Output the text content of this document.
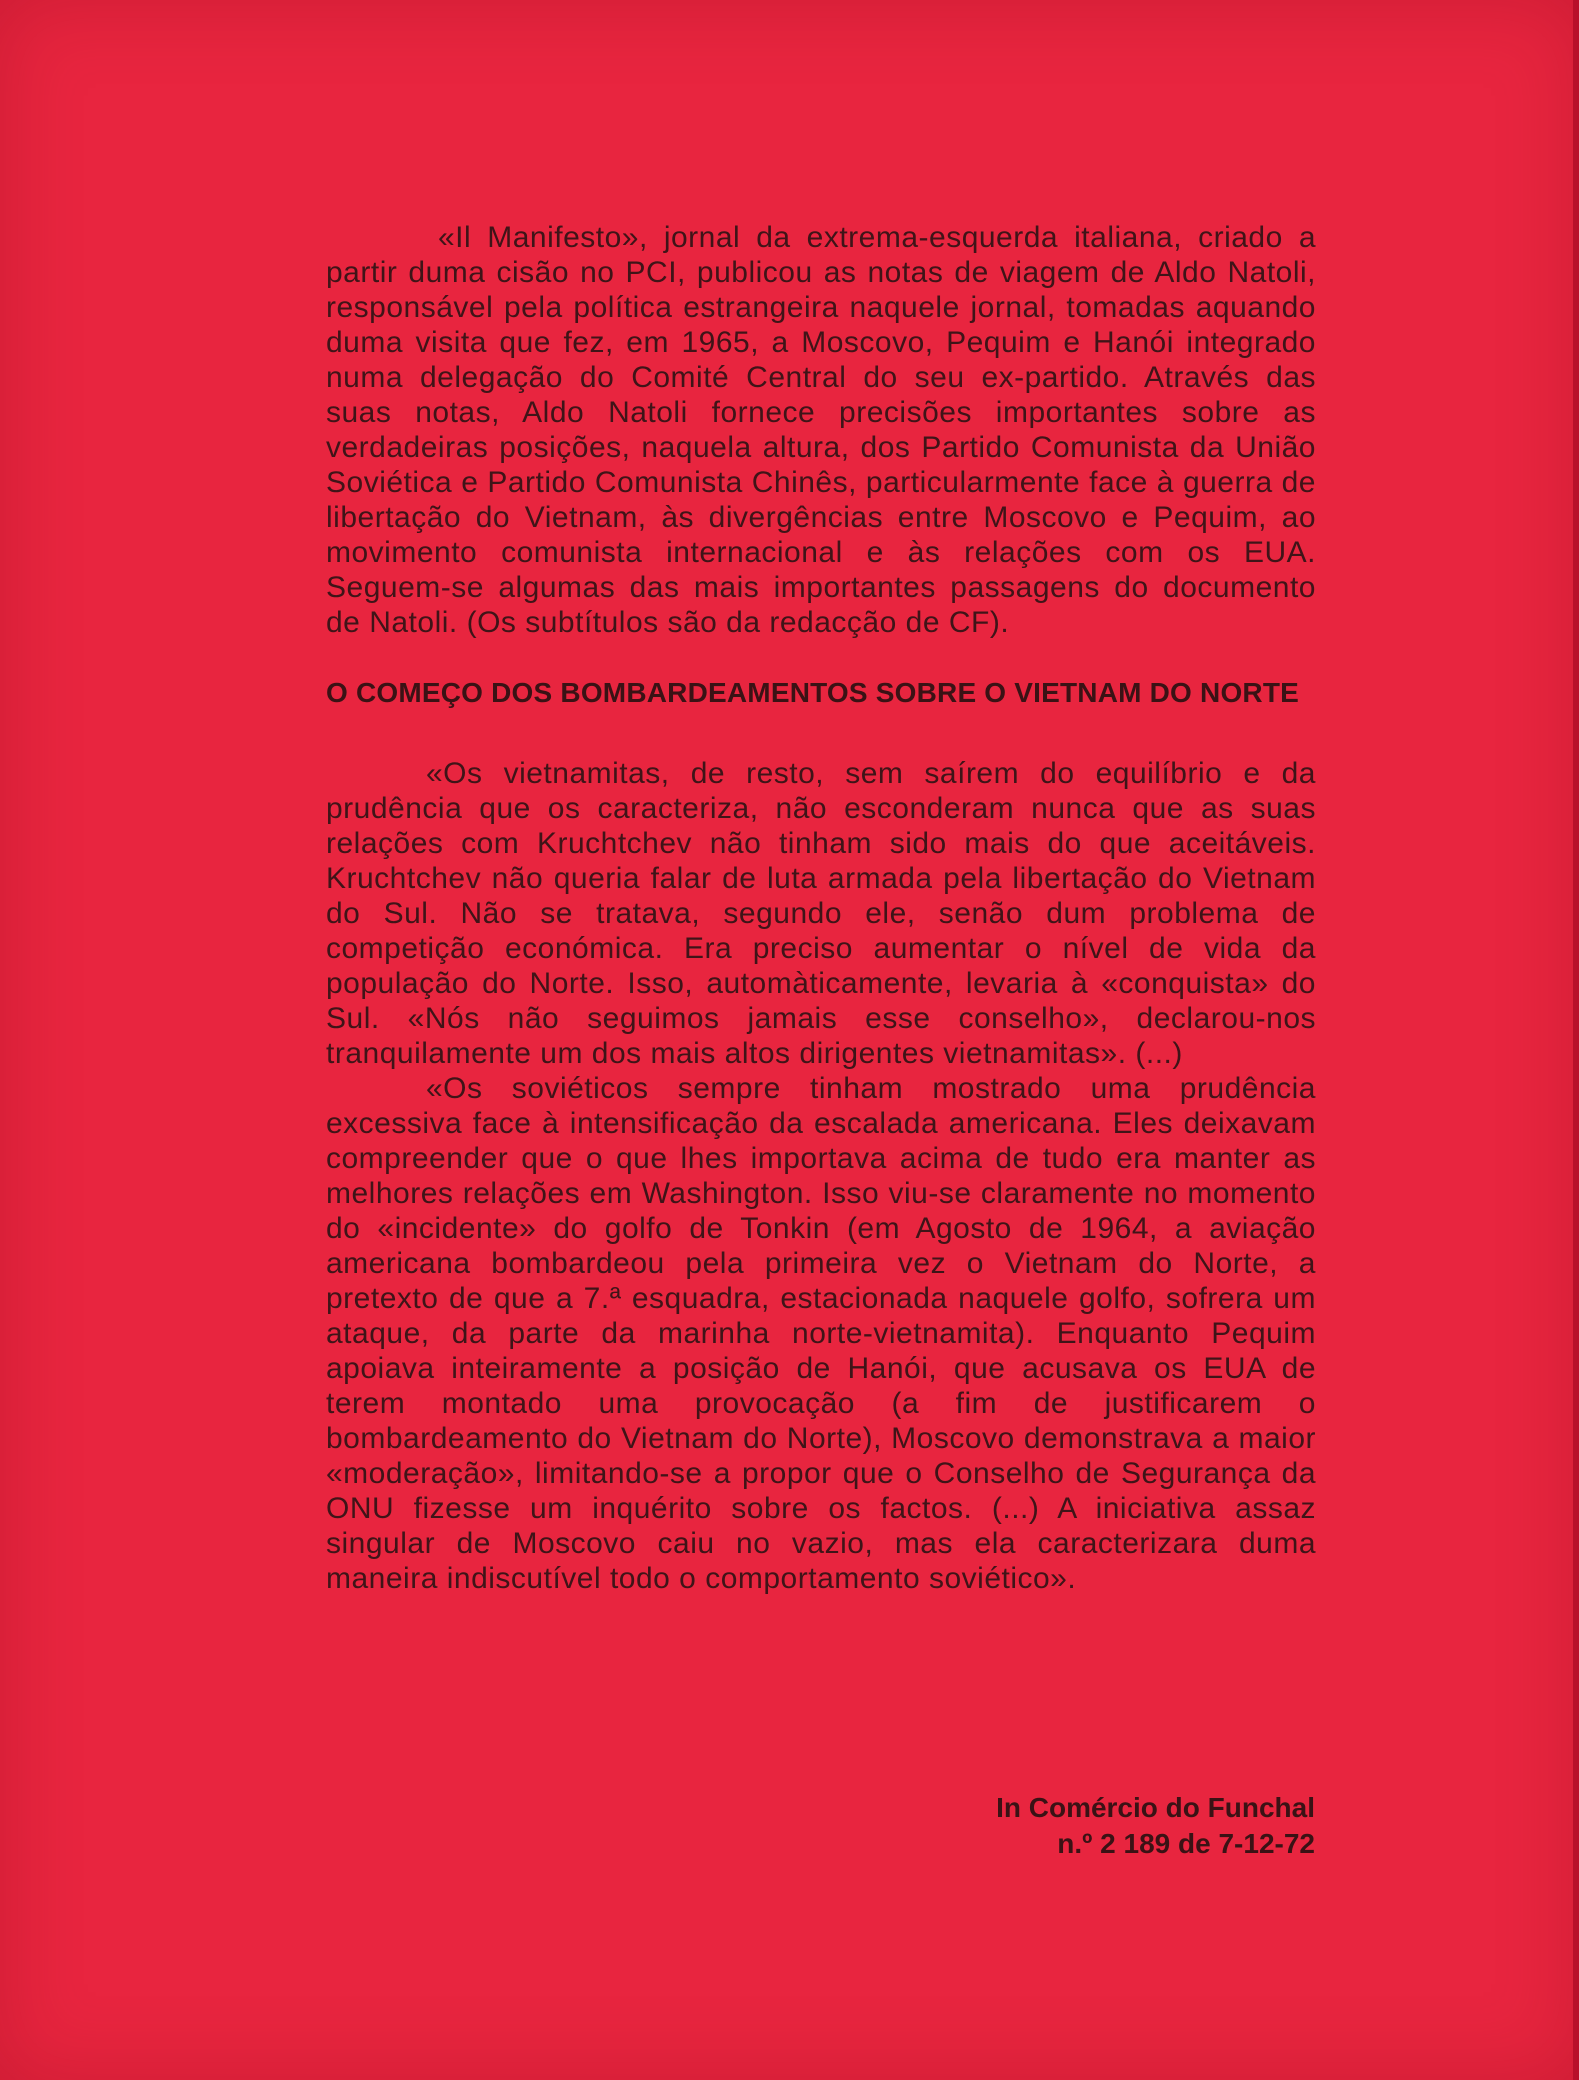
«Il Manifesto», jornal da extrema-esquerda italiana, criado a partir duma cisão no PCI, publicou as notas de viagem de Aldo Natoli, responsável pela política estrangeira naquele jornal, tomadas aquando duma visita que fez, em 1965, a Moscovo, Pequim e Hanói integrado numa delegação do Comité Central do seu ex-partido. Através das suas notas, Aldo Natoli fornece precisões importantes sobre as verdadeiras posições, naquela altura, dos Partido Comunista da União Soviética e Partido Comunista Chinês, particularmente face à guerra de libertação do Vietnam, às divergências entre Moscovo e Pequim, ao movimento comunista internacional e às relações com os EUA. Seguem-se algumas das mais importantes passagens do documento de Natoli. (Os subtítulos são da redacção de CF).

O COMEÇO DOS BOMBARDEAMENTOS SOBRE O VIETNAM DO NORTE

«Os vietnamitas, de resto, sem saírem do equilíbrio e da prudência que os caracteriza, não esconderam nunca que as suas relações com Kruchtchev não tinham sido mais do que aceitáveis. Kruchtchev não queria falar de luta armada pela libertação do Vietnam do Sul. Não se tratava, segundo ele, senão dum problema de competição económica. Era preciso aumentar o nível de vida da população do Norte. Isso, automàticamente, levaria à «conquista» do Sul. «Nós não seguimos jamais esse conselho», declarou-nos tranquilamente um dos mais altos dirigentes vietnamitas». (...)

«Os soviéticos sempre tinham mostrado uma prudência excessiva face à intensificação da escalada americana. Eles deixavam compreender que o que lhes importava acima de tudo era manter as melhores relações em Washington. Isso viu-se claramente no momento do «incidente» do golfo de Tonkin (em Agosto de 1964, a aviação americana bombardeou pela primeira vez o Vietnam do Norte, a pretexto de que a 7.ª esquadra, estacionada naquele golfo, sofrera um ataque, da parte da marinha norte-vietnamita). Enquanto Pequim apoiava inteiramente a posição de Hanói, que acusava os EUA de terem montado uma provocação (a fim de justificarem o bombardeamento do Vietnam do Norte), Moscovo demonstrava a maior «moderação», limitando-se a propor que o Conselho de Segurança da ONU fizesse um inquérito sobre os factos. (...) A iniciativa assaz singular de Moscovo caiu no vazio, mas ela caracterizara duma maneira indiscutível todo o comportamento soviético».

In Comércio do Funchal
n.º 2 189 de 7-12-72
